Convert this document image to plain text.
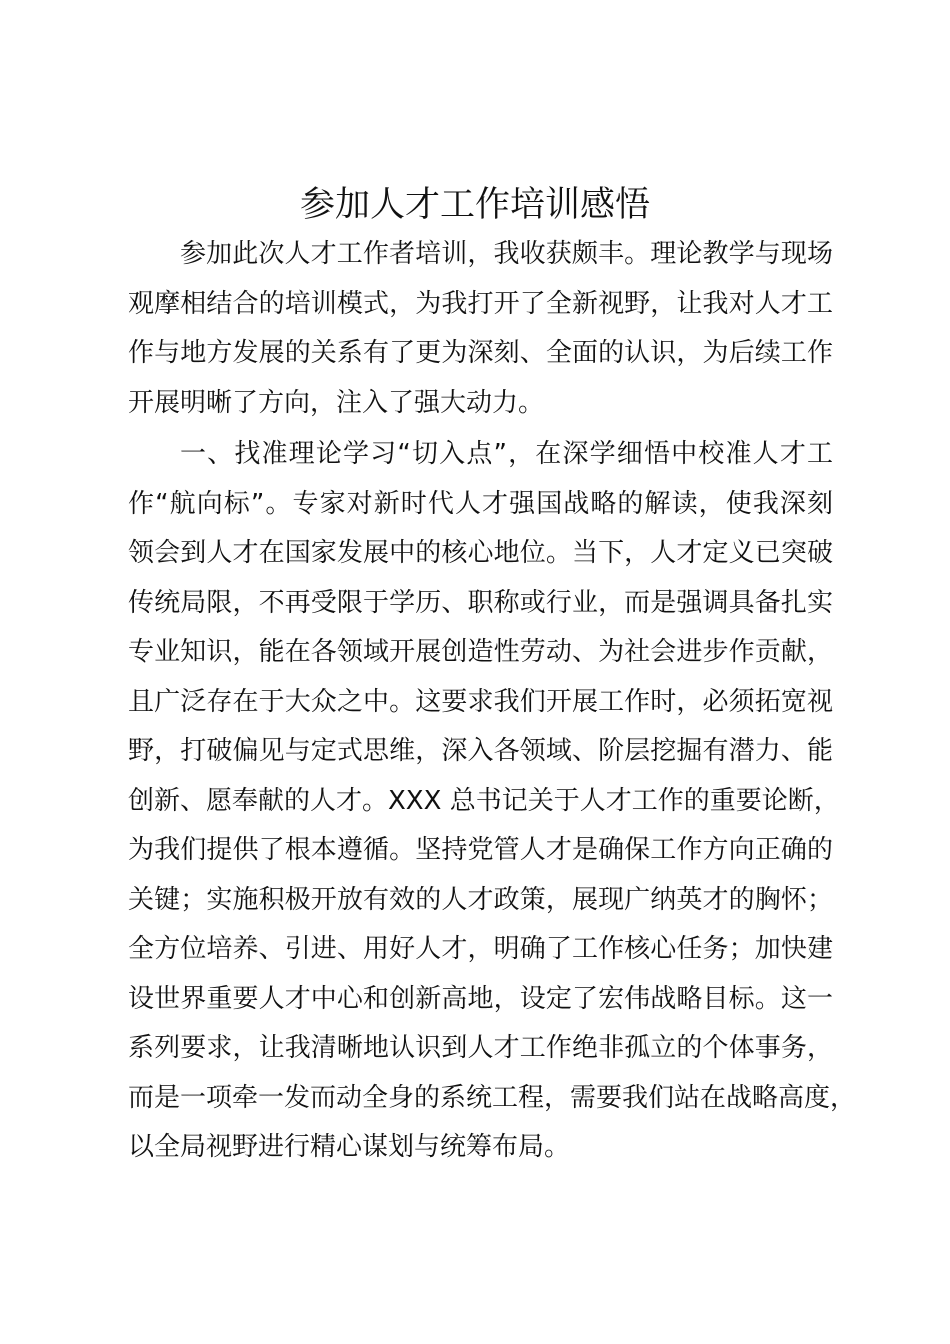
参加人才工作培训感悟
参加此次人才工作者培训，我收获颇丰。理论教学与现场
观摩相结合的培训模式，为我打开了全新视野，让我对人才工
作与地方发展的关系有了更为深刻、全面的认识，为后续工作
开展明晰了方向，注入了强大动力。
一、找准理论学习“切入点”，在深学细悟中校准人才工
作“航向标”。专家对新时代人才强国战略的解读，使我深刻
领会到人才在国家发展中的核心地位。当下，人才定义已突破
传统局限，不再受限于学历、职称或行业，而是强调具备扎实
专业知识，能在各领域开展创造性劳动、为社会进步作贡献，
且广泛存在于大众之中。这要求我们开展工作时，必须拓宽视
野，打破偏见与定式思维，深入各领域、阶层挖掘有潜力、能
创新、愿奉献的人才。XXX 总书记关于人才工作的重要论断，
为我们提供了根本遵循。坚持党管人才是确保工作方向正确的
关键；实施积极开放有效的人才政策，展现广纳英才的胸怀；
全方位培养、引进、用好人才，明确了工作核心任务；加快建
设世界重要人才中心和创新高地，设定了宏伟战略目标。这一
系列要求，让我清晰地认识到人才工作绝非孤立的个体事务，
而是一项牵一发而动全身的系统工程，需要我们站在战略高度，
以全局视野进行精心谋划与统筹布局。
